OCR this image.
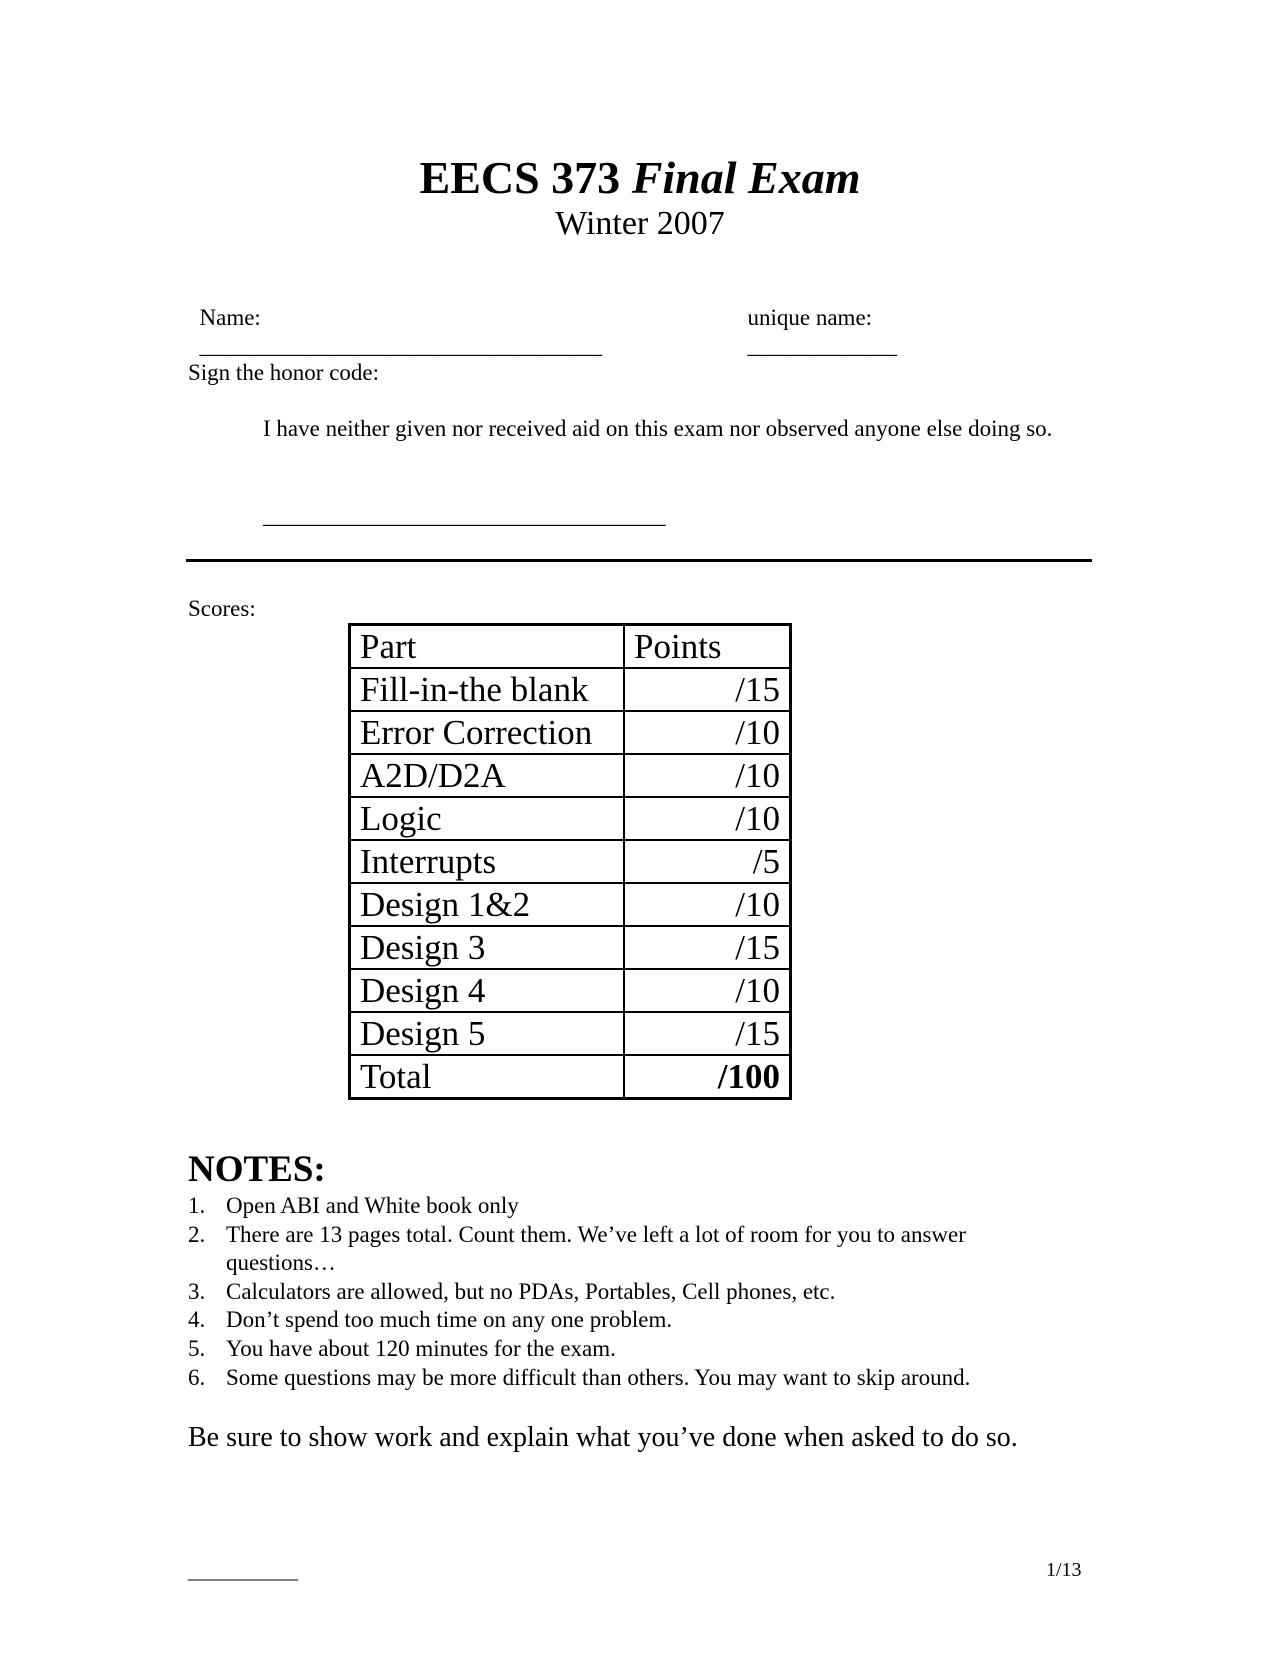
EECS 373 Final Exam
Winter 2007

Name:
___________________________________

unique name:
_____________

Sign the honor code:
I have neither given nor received aid on this exam nor observed anyone else doing so.
___________________________________
Scores:
Part	Points
Fill-in-the blank	/15
Error Correction	/10
A2D/D2A	/10
Logic	/10
Interrupts	/5
Design 1&2	/10
Design 3	/15
Design 4	/10
Design 5	/15
Total	/100
NOTES:
1. Open ABI and White book only
2. There are 13 pages total. Count them. We’ve left a lot of room for you to answer questions…
3. Calculators are allowed, but no PDAs, Portables, Cell phones, etc.
4. Don’t spend too much time on any one problem.
5. You have about 120 minutes for the exam.
6. Some questions may be more difficult than others. You may want to skip around.
Be sure to show work and explain what you’ve done when asked to do so.
___________	1/13
